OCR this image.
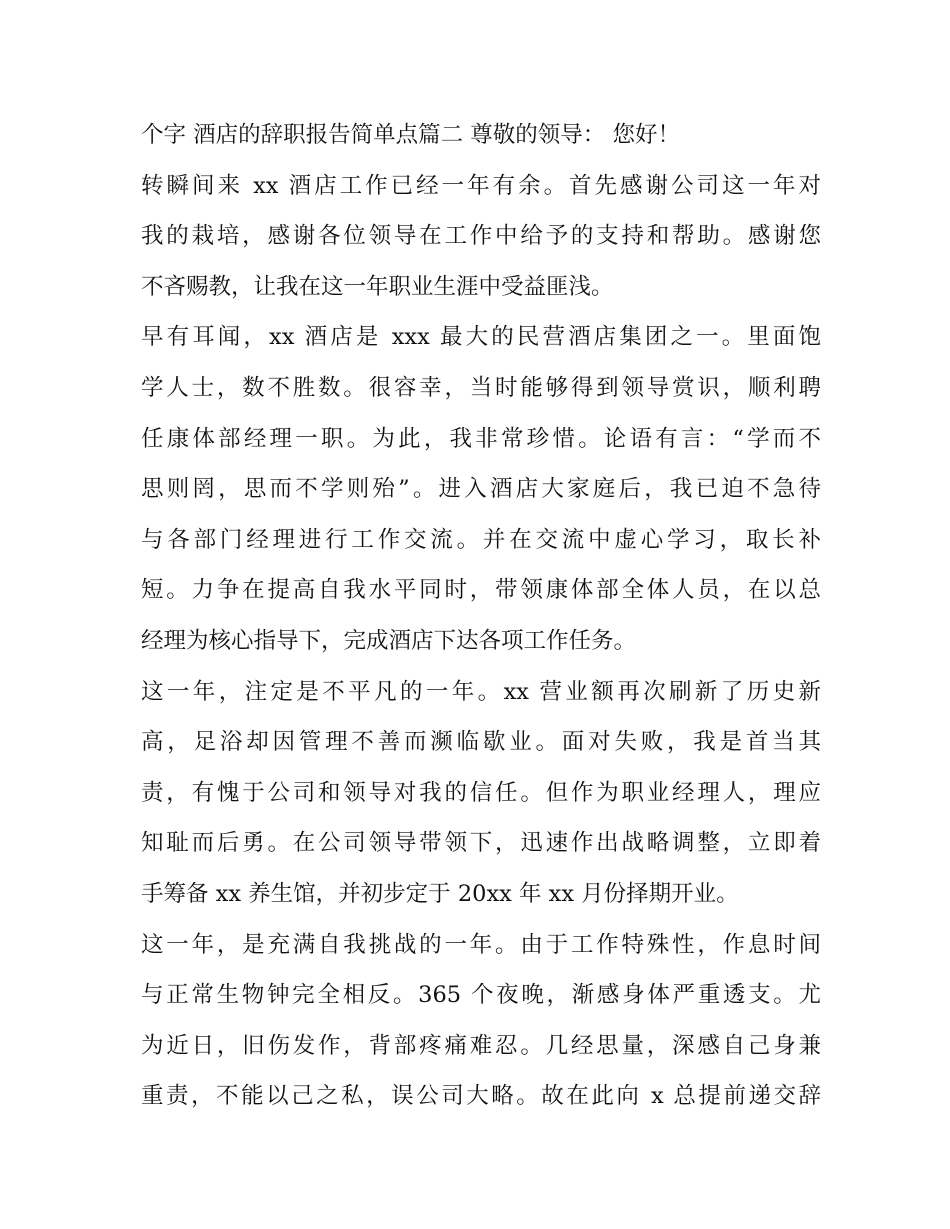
个字 酒店的辞职报告简单点篇二 尊敬的领导： 您好！
转瞬间来 xx 酒店工作已经一年有余。首先感谢公司这一年对
我的栽培，感谢各位领导在工作中给予的支持和帮助。感谢您
不吝赐教，让我在这一年职业生涯中受益匪浅。
早有耳闻，xx 酒店是 xxx 最大的民营酒店集团之一。里面饱
学人士，数不胜数。很容幸，当时能够得到领导赏识，顺利聘
任康体部经理一职。为此，我非常珍惜。论语有言：“学而不
思则罔，思而不学则殆”。进入酒店大家庭后，我已迫不急待
与各部门经理进行工作交流。并在交流中虚心学习，取长补
短。力争在提高自我水平同时，带领康体部全体人员，在以总
经理为核心指导下，完成酒店下达各项工作任务。
这一年，注定是不平凡的一年。xx 营业额再次刷新了历史新
高，足浴却因管理不善而濒临歇业。面对失败，我是首当其
责，有愧于公司和领导对我的信任。但作为职业经理人，理应
知耻而后勇。在公司领导带领下，迅速作出战略调整，立即着
手筹备 xx 养生馆，并初步定于 20xx 年 xx 月份择期开业。
这一年，是充满自我挑战的一年。由于工作特殊性，作息时间
与正常生物钟完全相反。365 个夜晚，渐感身体严重透支。尤
为近日，旧伤发作，背部疼痛难忍。几经思量，深感自己身兼
重责，不能以己之私，误公司大略。故在此向 x 总提前递交辞
